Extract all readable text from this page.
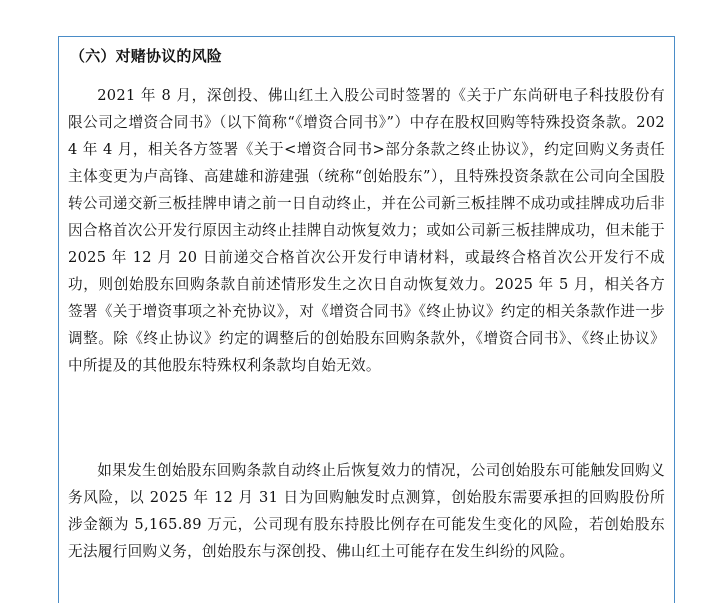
（六）对赌协议的风险

2021 年 8 月，深创投、佛山红土入股公司时签署的《关于广东尚研电子科技股份有限公司之增资合同书》（以下简称“《增资合同书》”）中存在股权回购等特殊投资条款。2024 年 4 月，相关各方签署《关于<增资合同书>部分条款之终止协议》，约定回购义务责任主体变更为卢高锋、高建雄和游建强（统称“创始股东”），且特殊投资条款在公司向全国股转公司递交新三板挂牌申请之前一日自动终止，并在公司新三板挂牌不成功或挂牌成功后非因合格首次公开发行原因主动终止挂牌自动恢复效力；或如公司新三板挂牌成功，但未能于 2025 年 12 月 20 日前递交合格首次公开发行申请材料，或最终合格首次公开发行不成功，则创始股东回购条款自前述情形发生之次日自动恢复效力。2025 年 5 月，相关各方签署《关于增资事项之补充协议》，对《增资合同书》《终止协议》约定的相关条款作进一步调整。除《终止协议》约定的调整后的创始股东回购条款外，《增资合同书》、《终止协议》中所提及的其他股东特殊权利条款均自始无效。

如果发生创始股东回购条款自动终止后恢复效力的情况，公司创始股东可能触发回购义务风险，以 2025 年 12 月 31 日为回购触发时点测算，创始股东需要承担的回购股份所涉金额为 5,165.89 万元，公司现有股东持股比例存在可能发生变化的风险，若创始股东无法履行回购义务，创始股东与深创投、佛山红土可能存在发生纠纷的风险。
